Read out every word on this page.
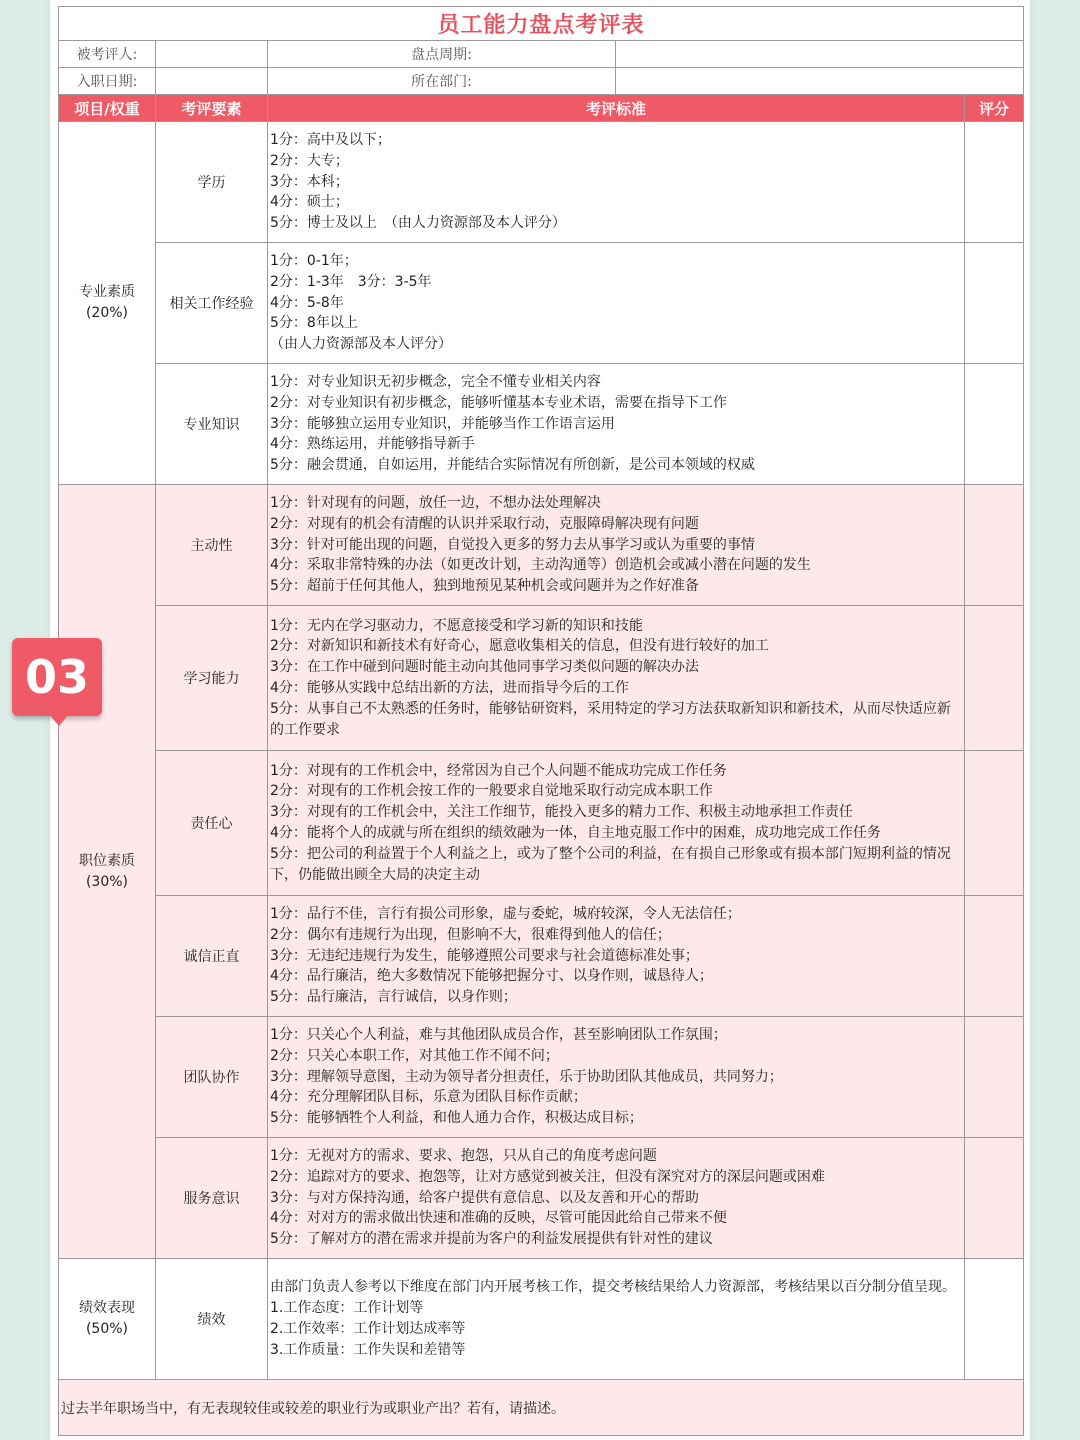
员工能力盘点考评表				
被考评人:		盘点周期:		
入职日期:		所在部门:		
项目/权重	考评要素	考评标准		评分
专业素质
(20%)	学历	1分：高中及以下；
2分：大专；
3分：本科；
4分：硕士；
5分：博士及以上　（由人力资源部及本人评分）		

	相关工作经验	1分：0-1年；
2分：1-3年　3分：3-5年
4分：5-8年
5分：8年以上
（由人力资源部及本人评分）		

	专业知识	1分：对专业知识无初步概念，完全不懂专业相关内容
2分：对专业知识有初步概念，能够听懂基本专业术语，需要在指导下工作
3分：能够独立运用专业知识，并能够当作工作语言运用
4分：熟练运用，并能够指导新手
5分：融会贯通，自如运用，并能结合实际情况有所创新，是公司本领域的权威		

职位素质
(30%)	主动性	1分：针对现有的问题，放任一边，不想办法处理解决
2分：对现有的机会有清醒的认识并采取行动，克服障碍解决现有问题
3分：针对可能出现的问题，自觉投入更多的努力去从事学习或认为重要的事情
4分：采取非常特殊的办法（如更改计划，主动沟通等）创造机会或减小潜在问题的发生
5分：超前于任何其他人，独到地预见某种机会或问题并为之作好准备		

	学习能力	1分：无内在学习驱动力，不愿意接受和学习新的知识和技能
2分：对新知识和新技术有好奇心，愿意收集相关的信息，但没有进行较好的加工
3分：在工作中碰到问题时能主动向其他同事学习类似问题的解决办法
4分：能够从实践中总结出新的方法，进而指导今后的工作
5分：从事自己不太熟悉的任务时，能够钻研资料，采用特定的学习方法获取新知识和新技术，从而尽快适应新的工作要求		

	责任心	1分：对现有的工作机会中，经常因为自己个人问题不能成功完成工作任务
2分：对现有的工作机会按工作的一般要求自觉地采取行动完成本职工作
3分：对现有的工作机会中，关注工作细节，能投入更多的精力工作、积极主动地承担工作责任
4分：能将个人的成就与所在组织的绩效融为一体，自主地克服工作中的困难，成功地完成工作任务
5分：把公司的利益置于个人利益之上，或为了整个公司的利益，在有损自己形象或有损本部门短期利益的情况下，仍能做出顾全大局的决定主动		

	诚信正直	1分：品行不佳，言行有损公司形象，虚与委蛇，城府较深，令人无法信任；
2分：偶尔有违规行为出现，但影响不大，很难得到他人的信任；
3分：无违纪违规行为发生，能够遵照公司要求与社会道德标准处事；
4分：品行廉洁，绝大多数情况下能够把握分寸、以身作则，诚恳待人；
5分：品行廉洁，言行诚信，以身作则；		

	团队协作	1分：只关心个人利益，难与其他团队成员合作，甚至影响团队工作氛围；
2分：只关心本职工作，对其他工作不闻不问；
3分：理解领导意图，主动为领导者分担责任，乐于协助团队其他成员，共同努力；
4分：充分理解团队目标，乐意为团队目标作贡献；
5分：能够牺牲个人利益，和他人通力合作，积极达成目标；		

	服务意识	1分：无视对方的需求、要求、抱怨，只从自己的角度考虑问题
2分：追踪对方的要求、抱怨等，让对方感觉到被关注，但没有深究对方的深层问题或困难
3分：与对方保持沟通，给客户提供有意信息、以及友善和开心的帮助
4分：对对方的需求做出快速和准确的反映，尽管可能因此给自己带来不便
5分：了解对方的潜在需求并提前为客户的利益发展提供有针对性的建议		

绩效表现
(50%)	绩效	由部门负责人参考以下维度在部门内开展考核工作，提交考核结果给人力资源部，考核结果以百分制分值呈现。
1.工作态度：工作计划等
2.工作效率：工作计划达成率等
3.工作质量：工作失误和差错等		

过去半年职场当中，有无表现较佳或较差的职业行为或职业产出？若有，请描述。				
03
